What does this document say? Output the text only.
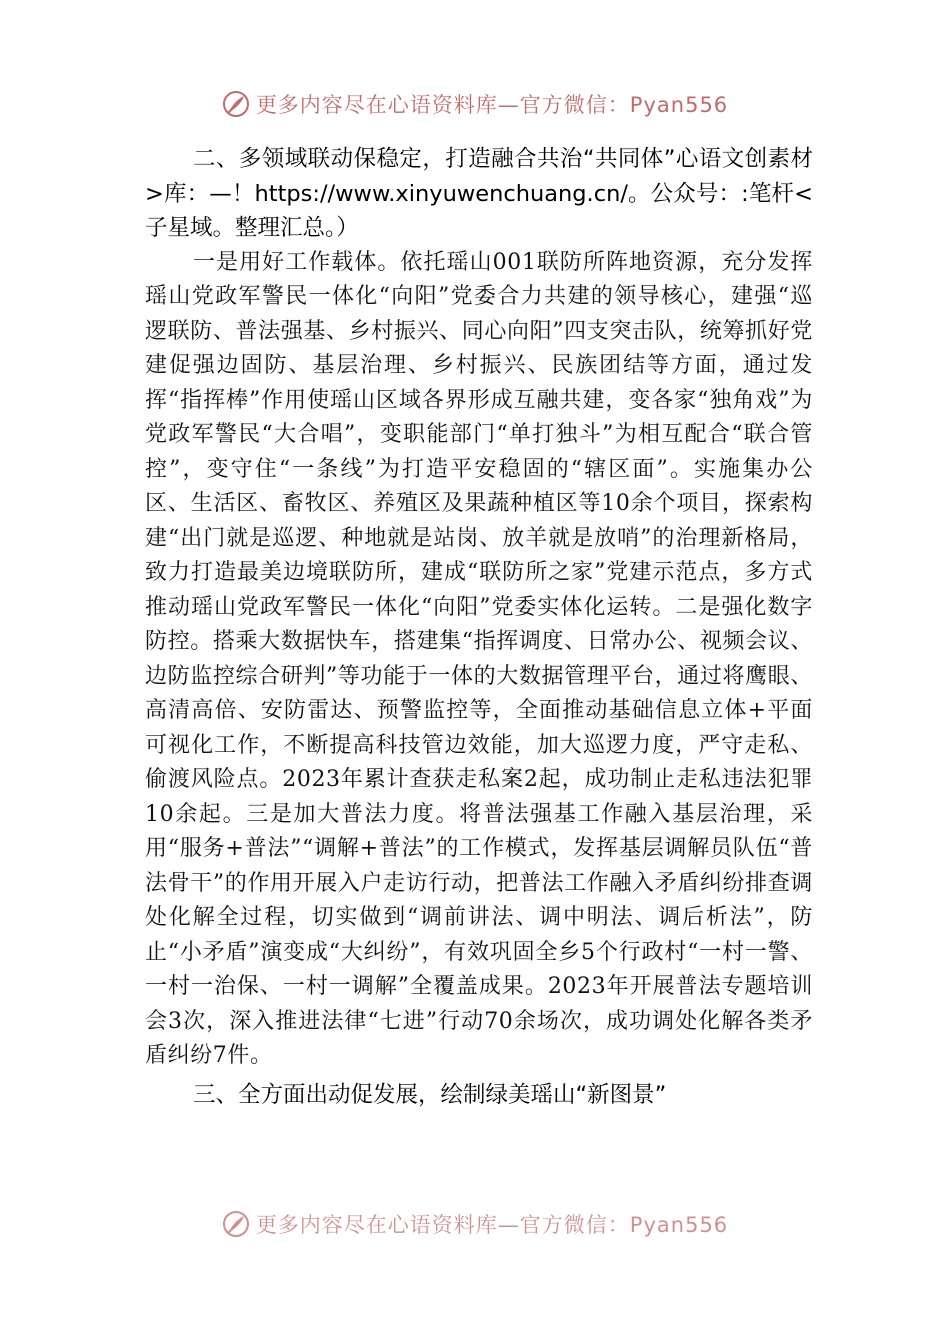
更多内容尽在心语资料库—官方微信：Pyan556

二、多领域联动保稳定，打造融合共治“共同体”心语文创素材>库：—！https://www.xinyuwenchuang.cn/。公众号：:笔杆<子星域。整理汇总。）

一是用好工作载体。依托瑶山001联防所阵地资源，充分发挥瑶山党政军警民一体化“向阳”党委合力共建的领导核心，建强“巡逻联防、普法强基、乡村振兴、同心向阳”四支突击队，统筹抓好党建促强边固防、基层治理、乡村振兴、民族团结等方面，通过发挥“指挥棒”作用使瑶山区域各界形成互融共建，变各家“独角戏”为党政军警民“大合唱”，变职能部门“单打独斗”为相互配合“联合管控”，变守住“一条线”为打造平安稳固的“辖区面”。实施集办公区、生活区、畜牧区、养殖区及果蔬种植区等10余个项目，探索构建“出门就是巡逻、种地就是站岗、放羊就是放哨”的治理新格局，致力打造最美边境联防所，建成“联防所之家”党建示范点，多方式推动瑶山党政军警民一体化“向阳”党委实体化运转。二是强化数字防控。搭乘大数据快车，搭建集“指挥调度、日常办公、视频会议、边防监控综合研判”等功能于一体的大数据管理平台，通过将鹰眼、高清高倍、安防雷达、预警监控等，全面推动基础信息立体+平面可视化工作，不断提高科技管边效能，加大巡逻力度，严守走私、偷渡风险点。2023年累计查获走私案2起，成功制止走私违法犯罪10余起。三是加大普法力度。将普法强基工作融入基层治理，采用“服务+普法”“调解+普法”的工作模式，发挥基层调解员队伍“普法骨干”的作用开展入户走访行动，把普法工作融入矛盾纠纷排查调处化解全过程，切实做到“调前讲法、调中明法、调后析法”，防止“小矛盾”演变成“大纠纷”，有效巩固全乡5个行政村“一村一警、一村一治保、一村一调解”全覆盖成果。2023年开展普法专题培训会3次，深入推进法律“七进”行动70余场次，成功调处化解各类矛盾纠纷7件。

三、全方面出动促发展，绘制绿美瑶山“新图景”

更多内容尽在心语资料库—官方微信：Pyan556
